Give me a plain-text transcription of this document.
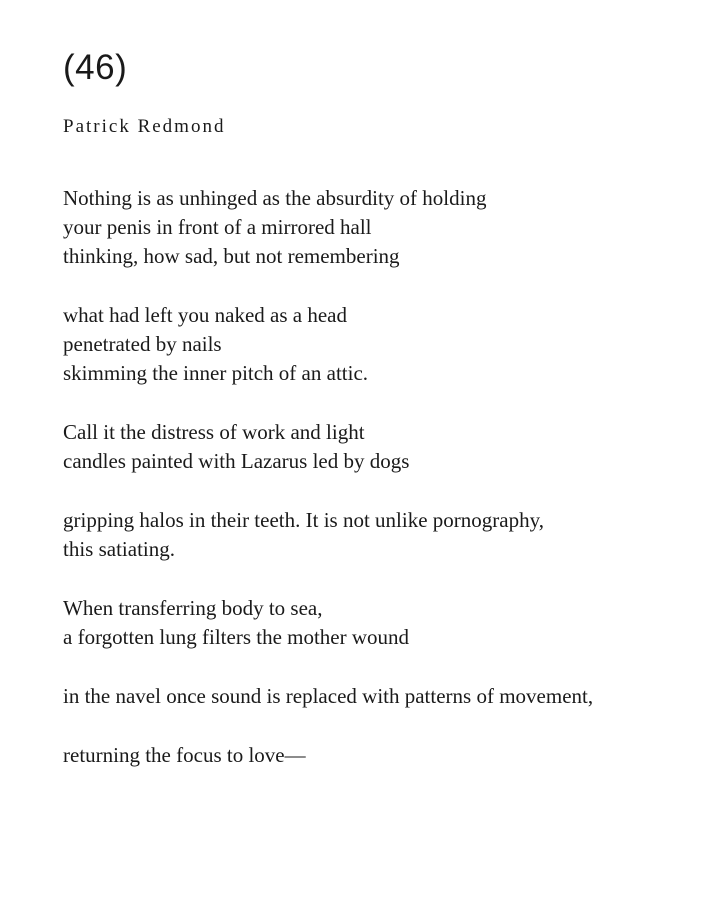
(46)
Patrick Redmond
Nothing is as unhinged as the absurdity of holding
your penis in front of a mirrored hall
thinking, how sad, but not remembering
what had left you naked as a head
penetrated by nails
skimming the inner pitch of an attic.
Call it the distress of work and light
candles painted with Lazarus led by dogs
gripping halos in their teeth. It is not unlike pornography,
this satiating.
When transferring body to sea,
a forgotten lung filters the mother wound
in the navel once sound is replaced with patterns of movement,
returning the focus to love—
